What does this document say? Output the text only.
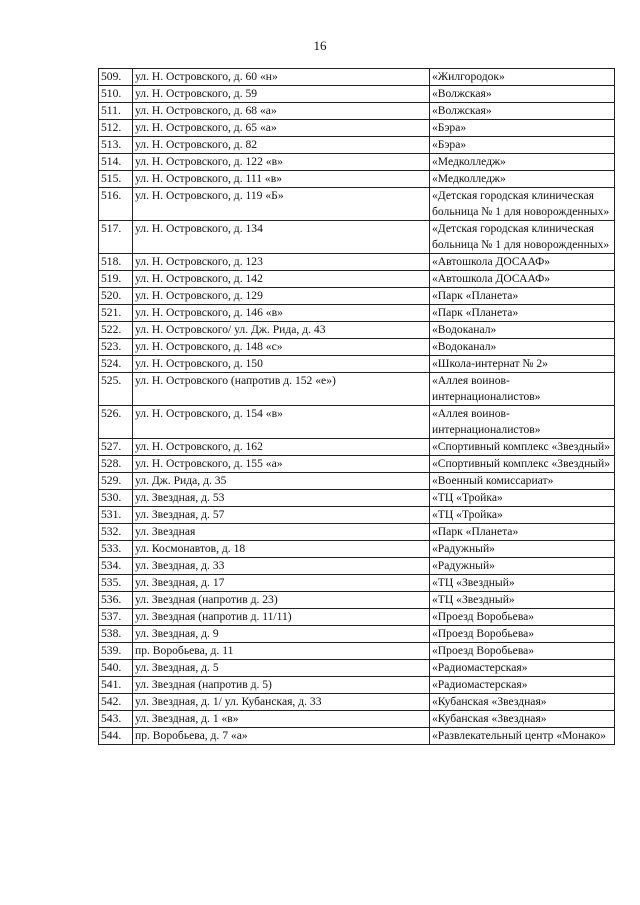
16
509.	ул. Н. Островского, д. 60 «н»	«Жилгородок»
510.	ул. Н. Островского, д. 59	«Волжская»
511.	ул. Н. Островского, д. 68 «а»	«Волжская»
512.	ул. Н. Островского, д. 65 «а»	«Бэра»
513.	ул. Н. Островского, д. 82	«Бэра»
514.	ул. Н. Островского, д. 122 «в»	«Медколледж»
515.	ул. Н. Островского, д. 111 «в»	«Медколледж»
516.	ул. Н. Островского, д. 119 «Б»	«Детская городская клиническая больница № 1 для новорожденных»
517.	ул. Н. Островского, д. 134	«Детская городская клиническая больница № 1 для новорожденных»
518.	ул. Н. Островского, д. 123	«Автошкола ДОСААФ»
519.	ул. Н. Островского, д. 142	«Автошкола ДОСААФ»
520.	ул. Н. Островского, д. 129	«Парк «Планета»
521.	ул. Н. Островского, д. 146 «в»	«Парк «Планета»
522.	ул. Н. Островского/ ул. Дж. Рида, д. 43	«Водоканал»
523.	ул. Н. Островского, д. 148 «с»	«Водоканал»
524.	ул. Н. Островского, д. 150	«Школа-интернат № 2»
525.	ул. Н. Островского (напротив д. 152 «е»)	«Аллея воинов-интернационалистов»
526.	ул. Н. Островского, д. 154 «в»	«Аллея воинов-интернационалистов»
527.	ул. Н. Островского, д. 162	«Спортивный комплекс «Звездный»
528.	ул. Н. Островского, д. 155 «а»	«Спортивный комплекс «Звездный»
529.	ул. Дж. Рида, д. 35	«Военный комиссариат»
530.	ул. Звездная, д. 53	«ТЦ «Тройка»
531.	ул. Звездная, д. 57	«ТЦ «Тройка»
532.	ул. Звездная	«Парк «Планета»
533.	ул. Космонавтов, д. 18	«Радужный»
534.	ул. Звездная, д. 33	«Радужный»
535.	ул. Звездная, д. 17	«ТЦ «Звездный»
536.	ул. Звездная (напротив д. 23)	«ТЦ «Звездный»
537.	ул. Звездная (напротив д. 11/11)	«Проезд Воробьева»
538.	ул. Звездная, д. 9	«Проезд Воробьева»
539.	пр. Воробьева, д. 11	«Проезд Воробьева»
540.	ул. Звездная, д. 5	«Радиомастерская»
541.	ул. Звездная (напротив д. 5)	«Радиомастерская»
542.	ул. Звездная, д. 1/ ул. Кубанская, д. 33	«Кубанская «Звездная»
543.	ул. Звездная, д. 1 «в»	«Кубанская «Звездная»
544.	пр. Воробьева, д. 7 «а»	«Развлекательный центр «Монако»
